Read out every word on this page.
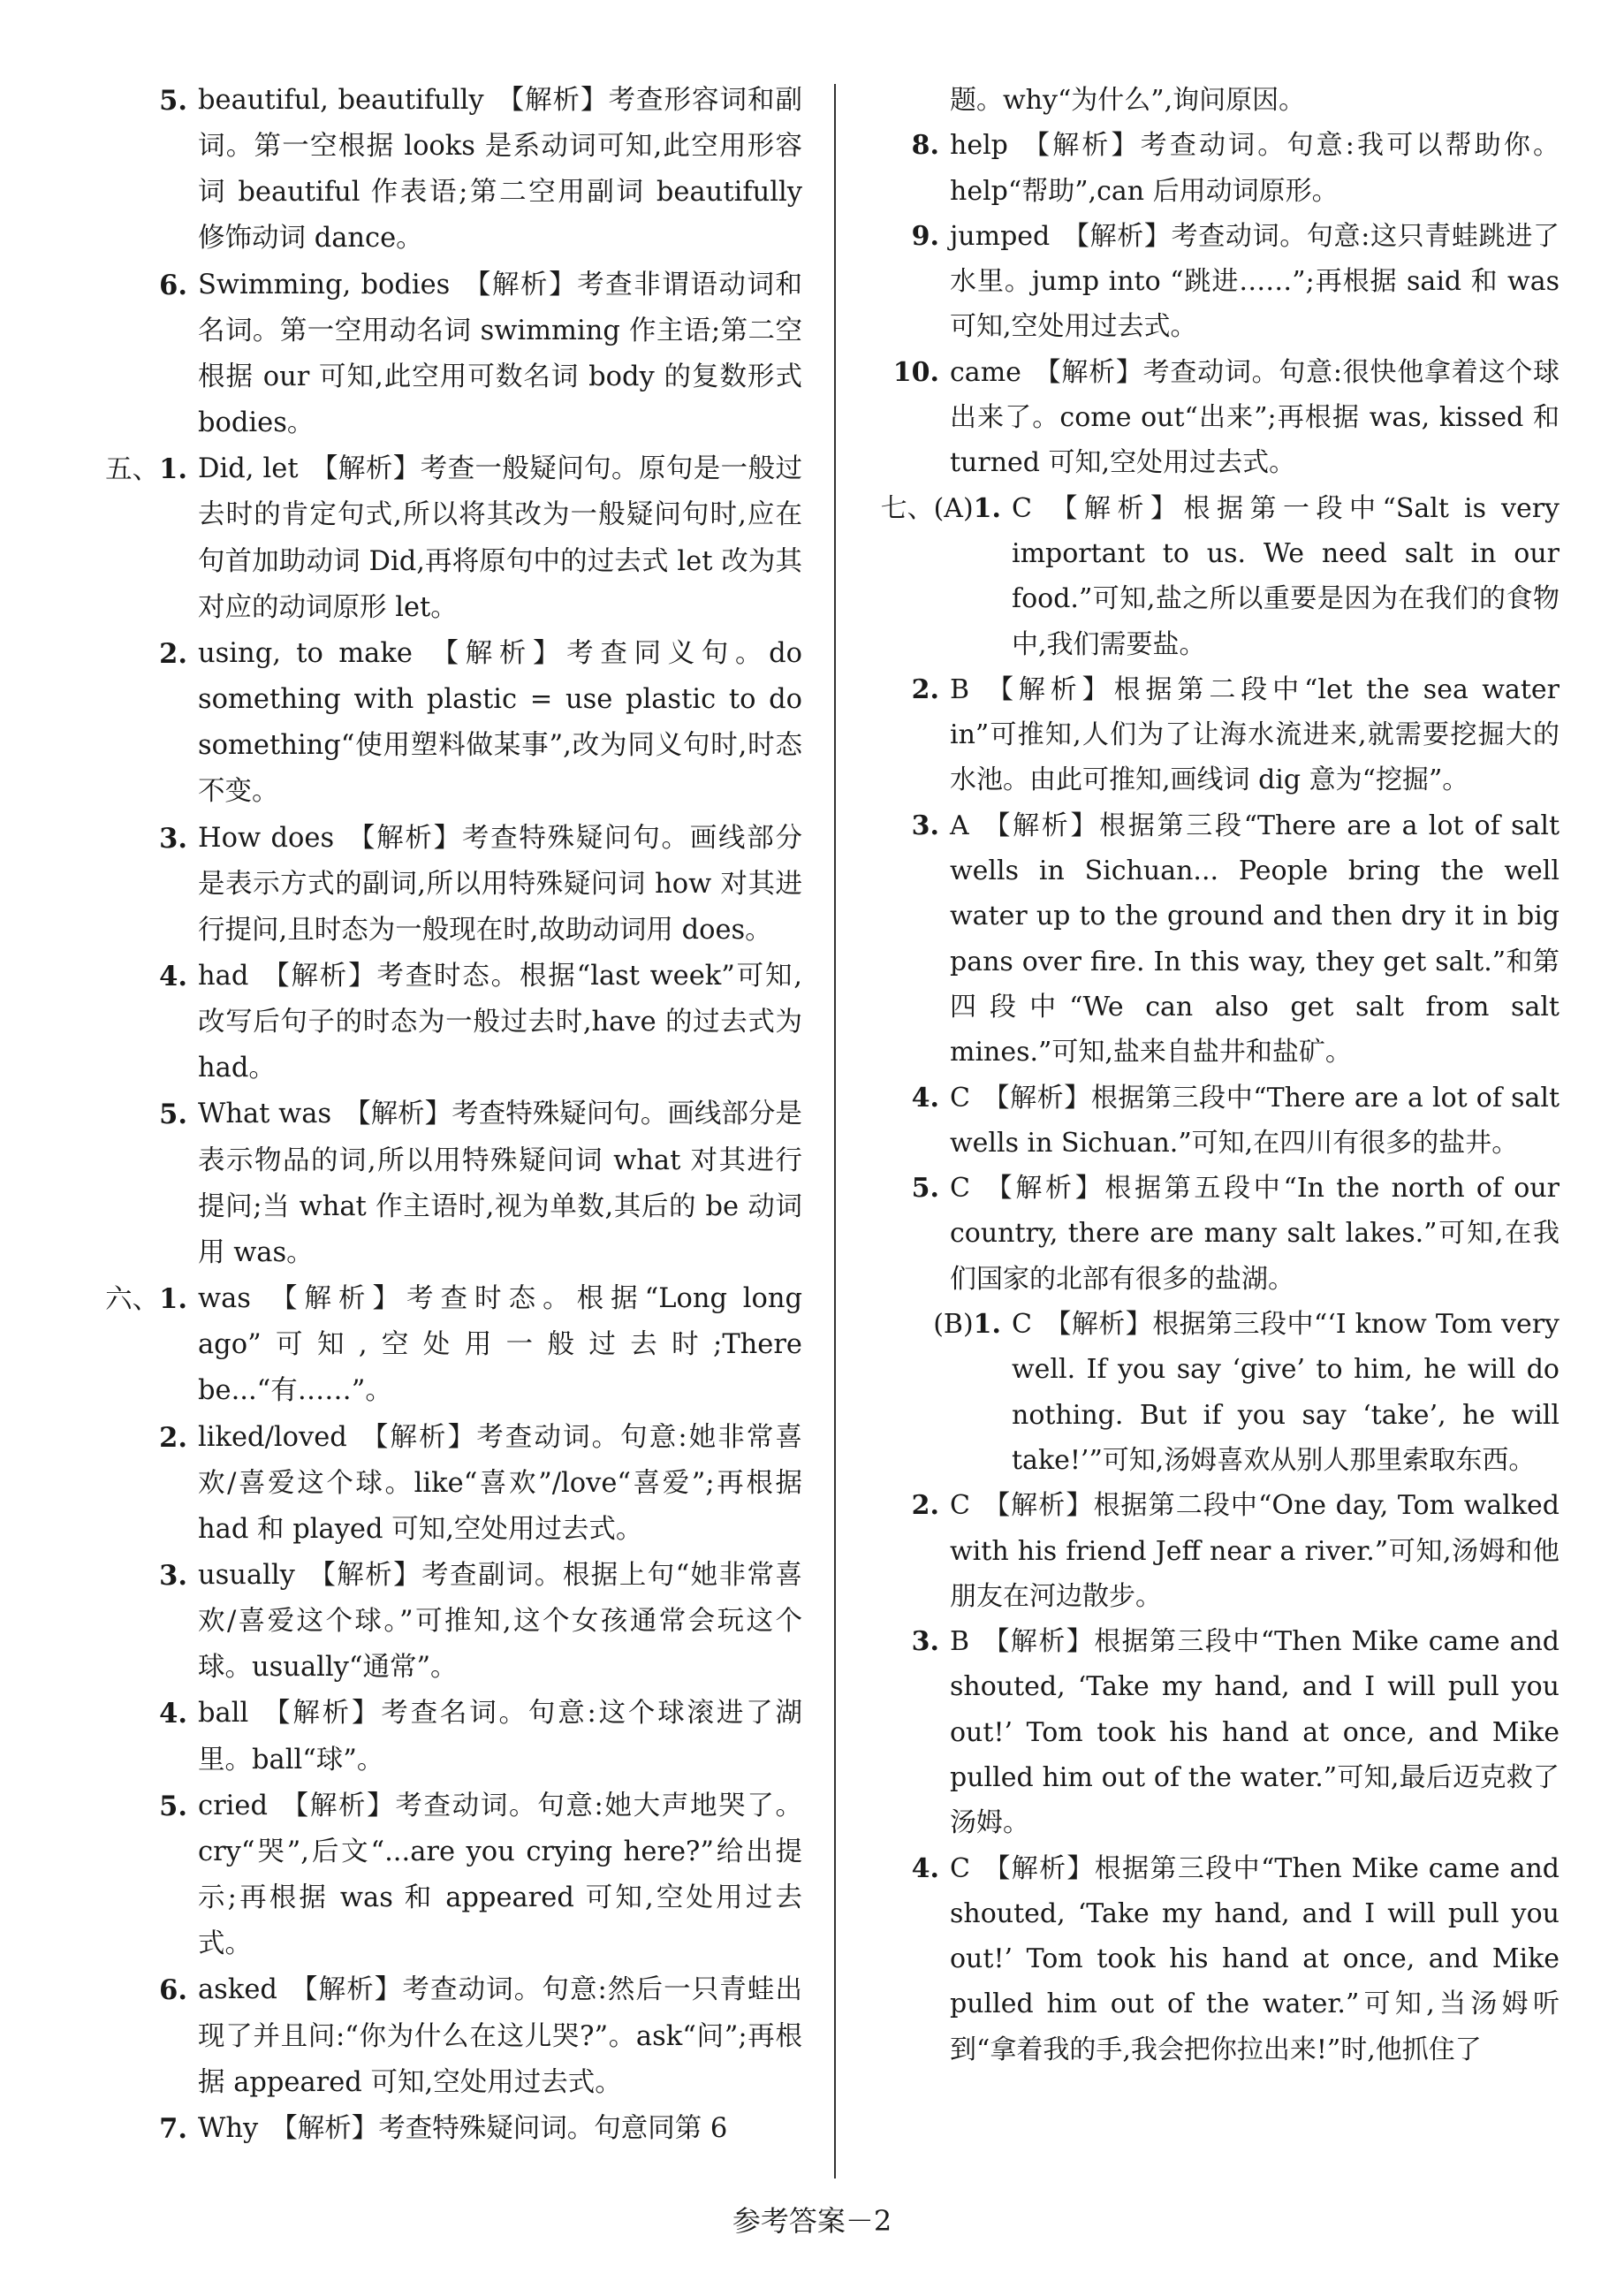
5. beautiful, beautifully 【解析】考查形容词和副词。第一空根据 looks 是系动词可知,此空用形容词 beautiful 作表语;第二空用副词 beautifully 修饰动词 dance。
6. Swimming, bodies 【解析】考查非谓语动词和名词。第一空用动名词 swimming 作主语;第二空根据 our 可知,此空用可数名词 body 的复数形式 bodies。
五、1. Did, let 【解析】考查一般疑问句。原句是一般过去时的肯定句式,所以将其改为一般疑问句时,应在句首加助动词 Did,再将原句中的过去式 let 改为其对应的动词原形 let。
2. using, to make 【解析】考查同义句。do something with plastic = use plastic to do something“使用塑料做某事”,改为同义句时,时态不变。
3. How does 【解析】考查特殊疑问句。画线部分是表示方式的副词,所以用特殊疑问词 how 对其进行提问,且时态为一般现在时,故助动词用 does。
4. had 【解析】考查时态。根据“last week”可知,改写后句子的时态为一般过去时,have 的过去式为 had。
5. What was 【解析】考查特殊疑问句。画线部分是表示物品的词,所以用特殊疑问词 what 对其进行提问;当 what 作主语时,视为单数,其后的 be 动词用 was。
六、1. was 【解析】考查时态。根据“Long long ago”可知,空处用一般过去时;There be...“有……”。
2. liked/loved 【解析】考查动词。句意:她非常喜欢/喜爱这个球。like“喜欢”/love“喜爱”;再根据 had 和 played 可知,空处用过去式。
3. usually 【解析】考查副词。根据上句“她非常喜欢/喜爱这个球。”可推知,这个女孩通常会玩这个球。usually“通常”。
4. ball 【解析】考查名词。句意:这个球滚进了湖里。ball“球”。
5. cried 【解析】考查动词。句意:她大声地哭了。cry“哭”,后文“...are you crying here?”给出提示;再根据 was 和 appeared 可知,空处用过去式。
6. asked 【解析】考查动词。句意:然后一只青蛙出现了并且问:“你为什么在这儿哭?”。ask“问”;再根据 appeared 可知,空处用过去式。
7. Why 【解析】考查特殊疑问词。句意同第 6
题。why“为什么”,询问原因。
8. help 【解析】考查动词。句意:我可以帮助你。help“帮助”,can 后用动词原形。
9. jumped 【解析】考查动词。句意:这只青蛙跳进了水里。jump into “跳进……”;再根据 said 和 was 可知,空处用过去式。
10. came 【解析】考查动词。句意:很快他拿着这个球出来了。come out“出来”;再根据 was, kissed 和 turned 可知,空处用过去式。
七、(A)1. C 【解析】根据第一段中“Salt is very important to us. We need salt in our food.”可知,盐之所以重要是因为在我们的食物中,我们需要盐。
2. B 【解析】根据第二段中“let the sea water in”可推知,人们为了让海水流进来,就需要挖掘大的水池。由此可推知,画线词 dig 意为“挖掘”。
3. A 【解析】根据第三段“There are a lot of salt wells in Sichuan... People bring the well water up to the ground and then dry it in big pans over fire. In this way, they get salt.”和第四段中“We can also get salt from salt mines.”可知,盐来自盐井和盐矿。
4. C 【解析】根据第三段中“There are a lot of salt wells in Sichuan.”可知,在四川有很多的盐井。
5. C 【解析】根据第五段中“In the north of our country, there are many salt lakes.”可知,在我们国家的北部有很多的盐湖。
(B)1. C 【解析】根据第三段中“‘I know Tom very well. If you say ‘give’ to him, he will do nothing. But if you say ‘take’, he will take!’”可知,汤姆喜欢从别人那里索取东西。
2. C 【解析】根据第二段中“One day, Tom walked with his friend Jeff near a river.”可知,汤姆和他朋友在河边散步。
3. B 【解析】根据第三段中“Then Mike came and shouted, ‘Take my hand, and I will pull you out!’ Tom took his hand at once, and Mike pulled him out of the water.”可知,最后迈克救了汤姆。
4. C 【解析】根据第三段中“Then Mike came and shouted, ‘Take my hand, and I will pull you out!’ Tom took his hand at once, and Mike pulled him out of the water.”可知,当汤姆听到“拿着我的手,我会把你拉出来!”时,他抓住了
参考答案－2
